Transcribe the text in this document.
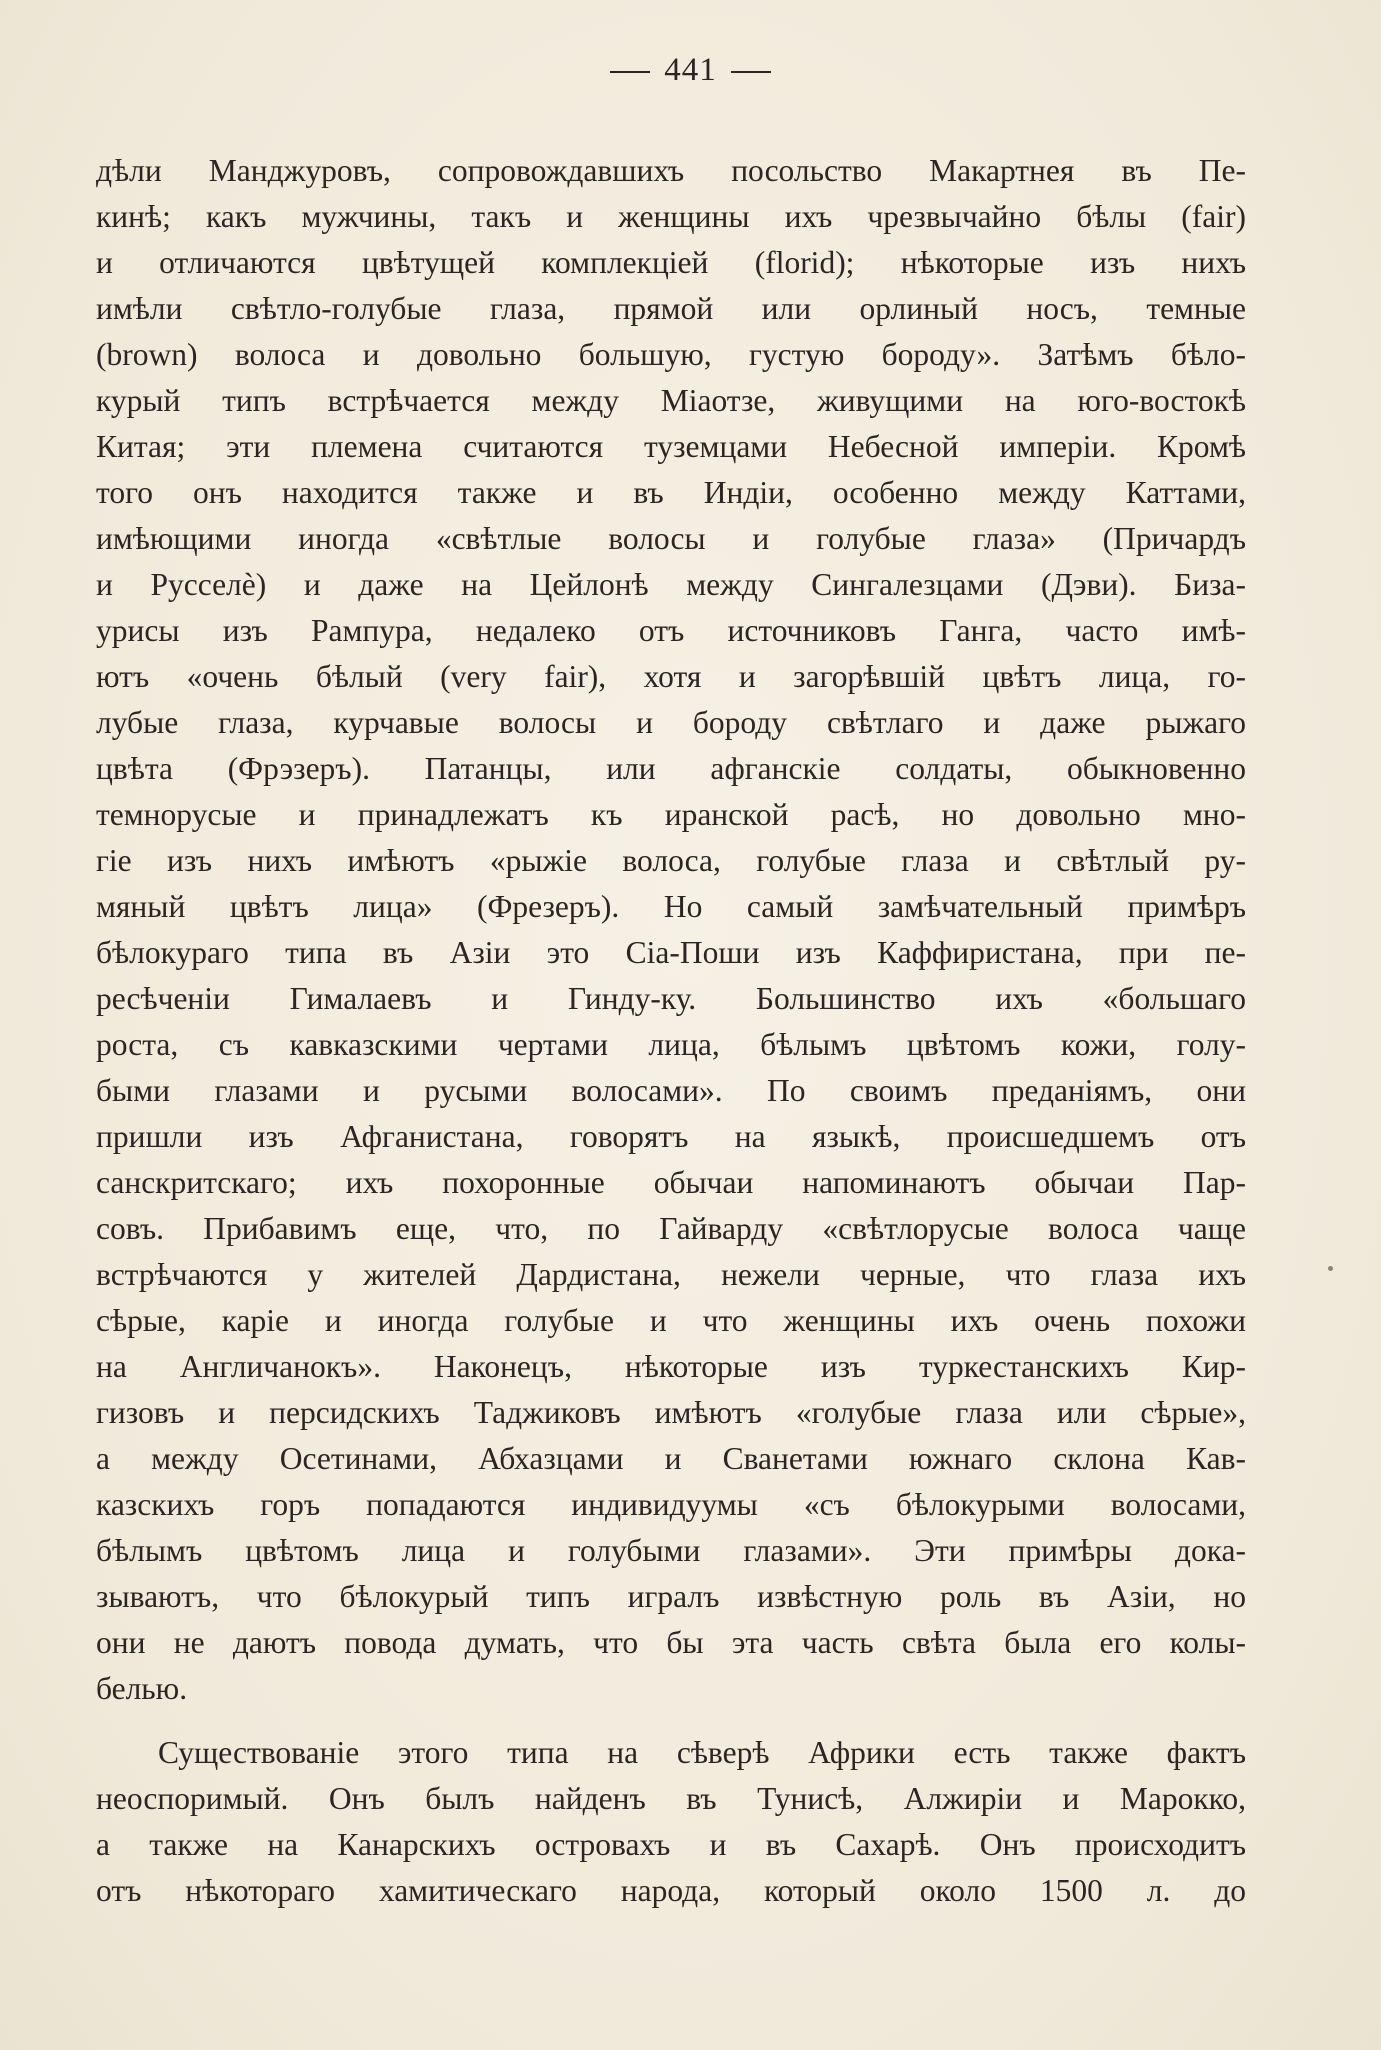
441
дѣли Манджуровъ, сопровождавшихъ посольство Макартнея въ Пе-
кинѣ; какъ мужчины, такъ и женщины ихъ чрезвычайно бѣлы (fair)
и отличаются цвѣтущей комплекціей (florid); нѣкоторые изъ нихъ
имѣли свѣтло-голубые глаза, прямой или орлиный носъ, темные
(brown) волоса и довольно большую, густую бороду». Затѣмъ бѣло-
курый типъ встрѣчается между Міаотзе, живущими на юго-востокѣ
Китая; эти племена считаются туземцами Небесной имперіи. Кромѣ
того онъ находится также и въ Индіи, особенно между Каттами,
имѣющими иногда «свѣтлые волосы и голубые глаза» (Причардъ
и Русселѐ) и даже на Цейлонѣ между Сингалезцами (Дэви). Биза-
урисы изъ Рампура, недалеко отъ источниковъ Ганга, часто имѣ-
ютъ «очень бѣлый (very fair), хотя и загорѣвшій цвѣтъ лица, го-
лубые глаза, курчавые волосы и бороду свѣтлаго и даже рыжаго
цвѣта (Фрэзеръ). Патанцы, или афганскіе солдаты, обыкновенно
темнорусые и принадлежатъ къ иранской расѣ, но довольно мно-
гіе изъ нихъ имѣютъ «рыжіе волоса, голубые глаза и свѣтлый ру-
мяный цвѣтъ лица» (Фрезеръ). Но самый замѣчательный примѣръ
бѣлокураго типа въ Азіи это Сіа-Поши изъ Каффиристана, при пе-
ресѣченіи Гималаевъ и Гинду-ку. Большинство ихъ «большаго
роста, съ кавказскими чертами лица, бѣлымъ цвѣтомъ кожи, голу-
быми глазами и русыми волосами». По своимъ преданіямъ, они
пришли изъ Афганистана, говорятъ на языкѣ, происшедшемъ отъ
санскритскаго; ихъ похоронные обычаи напоминаютъ обычаи Пар-
совъ. Прибавимъ еще, что, по Гайварду «свѣтлорусые волоса чаще
встрѣчаются у жителей Дардистана, нежели черные, что глаза ихъ
сѣрые, каріе и иногда голубые и что женщины ихъ очень похожи
на Англичанокъ». Наконецъ, нѣкоторые изъ туркестанскихъ Кир-
гизовъ и персидскихъ Таджиковъ имѣютъ «голубые глаза или сѣрые»,
а между Осетинами, Абхазцами и Сванетами южнаго склона Кав-
казскихъ горъ попадаются индивидуумы «съ бѣлокурыми волосами,
бѣлымъ цвѣтомъ лица и голубыми глазами». Эти примѣры дока-
зываютъ, что бѣлокурый типъ игралъ извѣстную роль въ Азіи, но
они не даютъ повода думать, что бы эта часть свѣта была его колы-
белью.
Существованіе этого типа на сѣверѣ Африки есть также фактъ
неоспоримый. Онъ былъ найденъ въ Тунисѣ, Алжиріи и Марокко,
а также на Канарскихъ островахъ и въ Сахарѣ. Онъ происходитъ
отъ нѣкотораго хамитическаго народа, который около 1500 л. до
